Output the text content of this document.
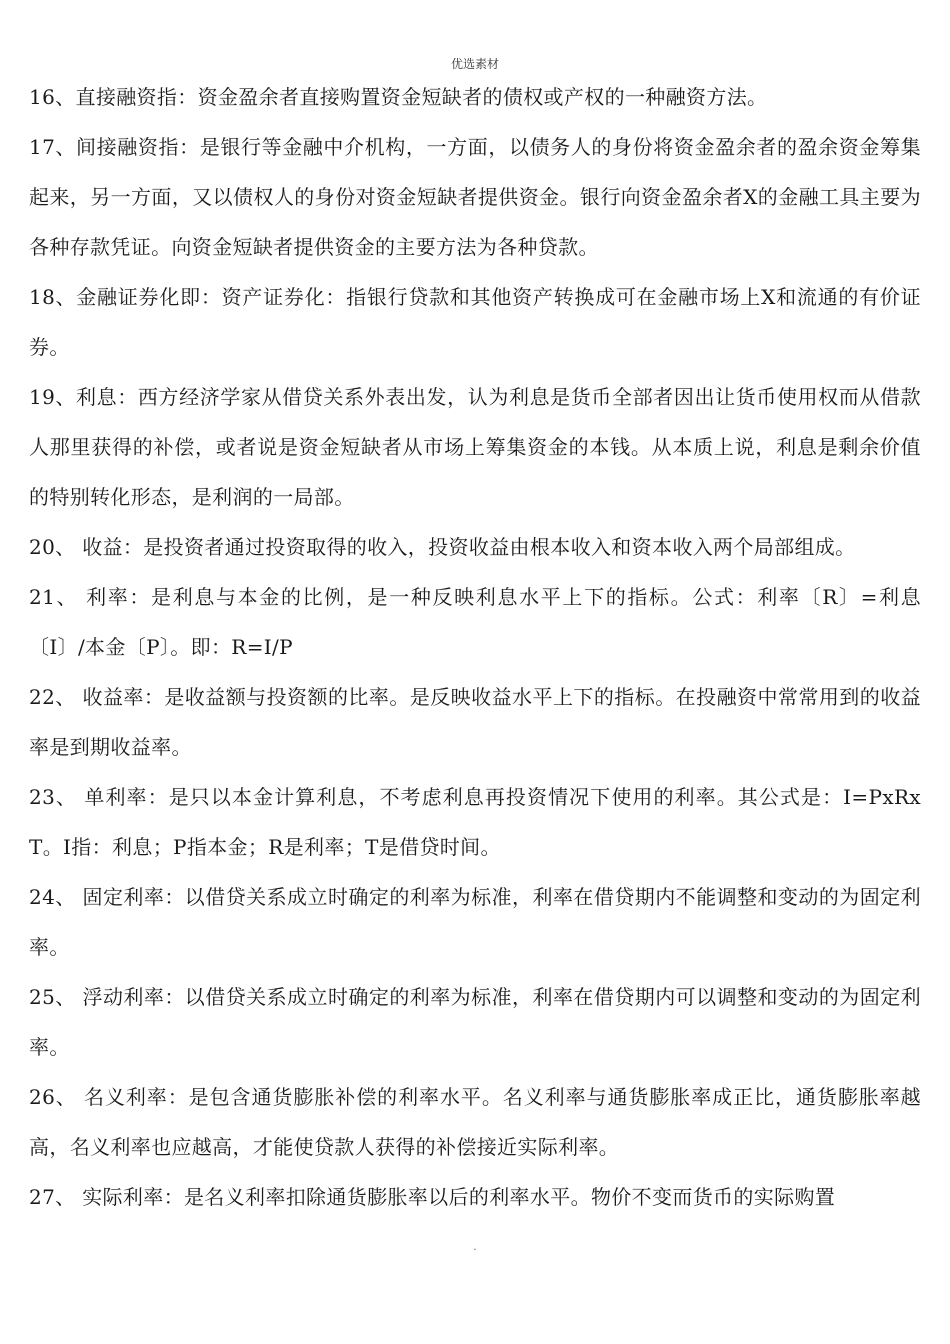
优选素材

16、直接融资指：资金盈余者直接购置资金短缺者的债权或产权的一种融资方法。

17、间接融资指：是银行等金融中介机构，一方面，以债务人的身份将资金盈余者的盈余资金筹集起来，另一方面，又以债权人的身份对资金短缺者提供资金。银行向资金盈余者X的金融工具主要为各种存款凭证。向资金短缺者提供资金的主要方法为各种贷款。

18、金融证券化即：资产证券化：指银行贷款和其他资产转换成可在金融市场上X和流通的有价证券。

19、利息：西方经济学家从借贷关系外表出发，认为利息是货币全部者因出让货币使用权而从借款人那里获得的补偿，或者说是资金短缺者从市场上筹集资金的本钱。从本质上说，利息是剩余价值的特别转化形态，是利润的一局部。

20、 收益：是投资者通过投资取得的收入，投资收益由根本收入和资本收入两个局部组成。

21、 利率：是利息与本金的比例，是一种反映利息水平上下的指标。公式：利率〔R〕=利息〔I〕/本金〔P〕。即：R=I/P

22、 收益率：是收益额与投资额的比率。是反映收益水平上下的指标。在投融资中常常用到的收益率是到期收益率。

23、 单利率：是只以本金计算利息，不考虑利息再投资情况下使用的利率。其公式是：I=PxRxT。I指：利息；P指本金；R是利率；T是借贷时间。

24、 固定利率：以借贷关系成立时确定的利率为标准，利率在借贷期内不能调整和变动的为固定利率。

25、 浮动利率：以借贷关系成立时确定的利率为标准，利率在借贷期内可以调整和变动的为固定利率。

26、 名义利率：是包含通货膨胀补偿的利率水平。名义利率与通货膨胀率成正比，通货膨胀率越高，名义利率也应越高，才能使贷款人获得的补偿接近实际利率。

27、 实际利率：是名义利率扣除通货膨胀率以后的利率水平。物价不变而货币的实际购置

.
